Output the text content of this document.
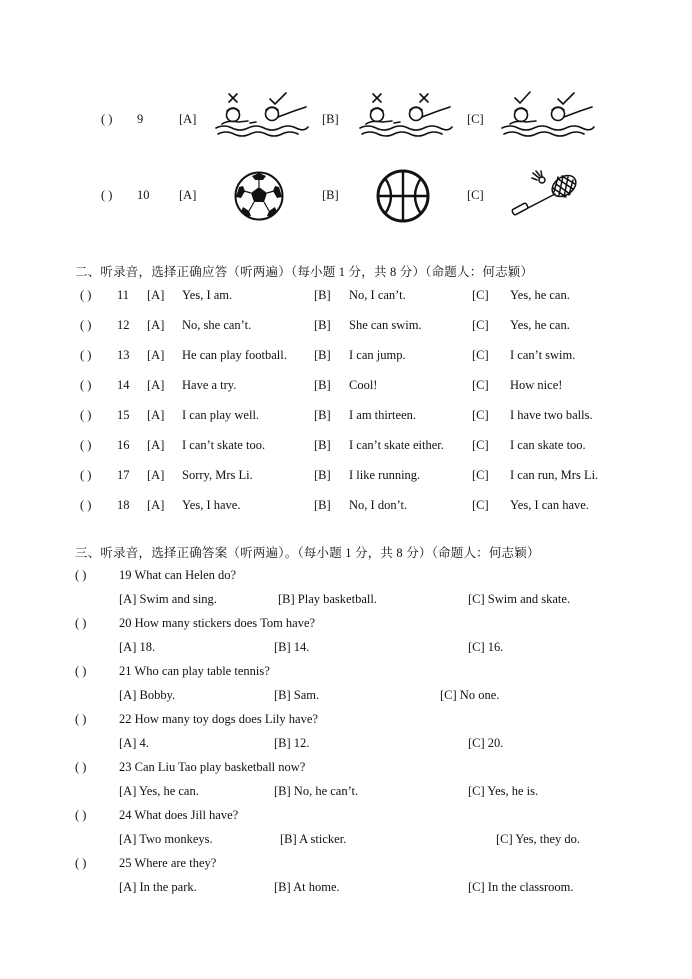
( ) 9	[A]	[B]	[C]
( ) 10 [A]	[B]	[C]
二、听录音，选择正确应答（听两遍）（每小题 1 分，共 8 分）（命题人：何志颖）
( ) 11 [A] Yes, I am.	[B] No, I can’t.	[C] Yes, he can.
( ) 12 [A] No, she can’t.	[B] She can swim.	[C] Yes, he can.
( ) 13 [A] He can play football. [B] I can jump.	[C] I can’t swim.
( ) 14 [A] Have a try.	[B] Cool!	[C] How nice!
( ) 15 [A] I can play well.	[B] I am thirteen.	[C] I have two balls.
( ) 16 [A] I can’t skate too.	[B] I can’t skate either. [C] I can skate too.
( ) 17 [A] Sorry, Mrs Li.	[B] I like running.	[C] I can run, Mrs Li.
( ) 18 [A] Yes, I have.	[B] No, I don’t.	[C] Yes, I can have.
三、听录音，选择正确答案（听两遍）。（每小题 1 分，共 8 分）（命题人：何志颖）
( )	19 What can Helen do?
[A] Swim and sing.	[B] Play basketball.	[C] Swim and skate.
( )	20 How many stickers does Tom have?
[A] 18.	[B] 14.	[C] 16.
( )	21 Who can play table tennis?
[A] Bobby.	[B] Sam.	[C] No one.
( )	22 How many toy dogs does Lily have?
[A] 4.	[B] 12.	[C] 20.
( )	23 Can Liu Tao play basketball now?
[A] Yes, he can.	[B] No, he can’t.	[C] Yes, he is.
( )	24 What does Jill have?
[A] Two monkeys.	[B] A sticker.	[C] Yes, they do.
( )	25 Where are they?
[A] In the park.	[B] At home.	[C] In the classroom.
